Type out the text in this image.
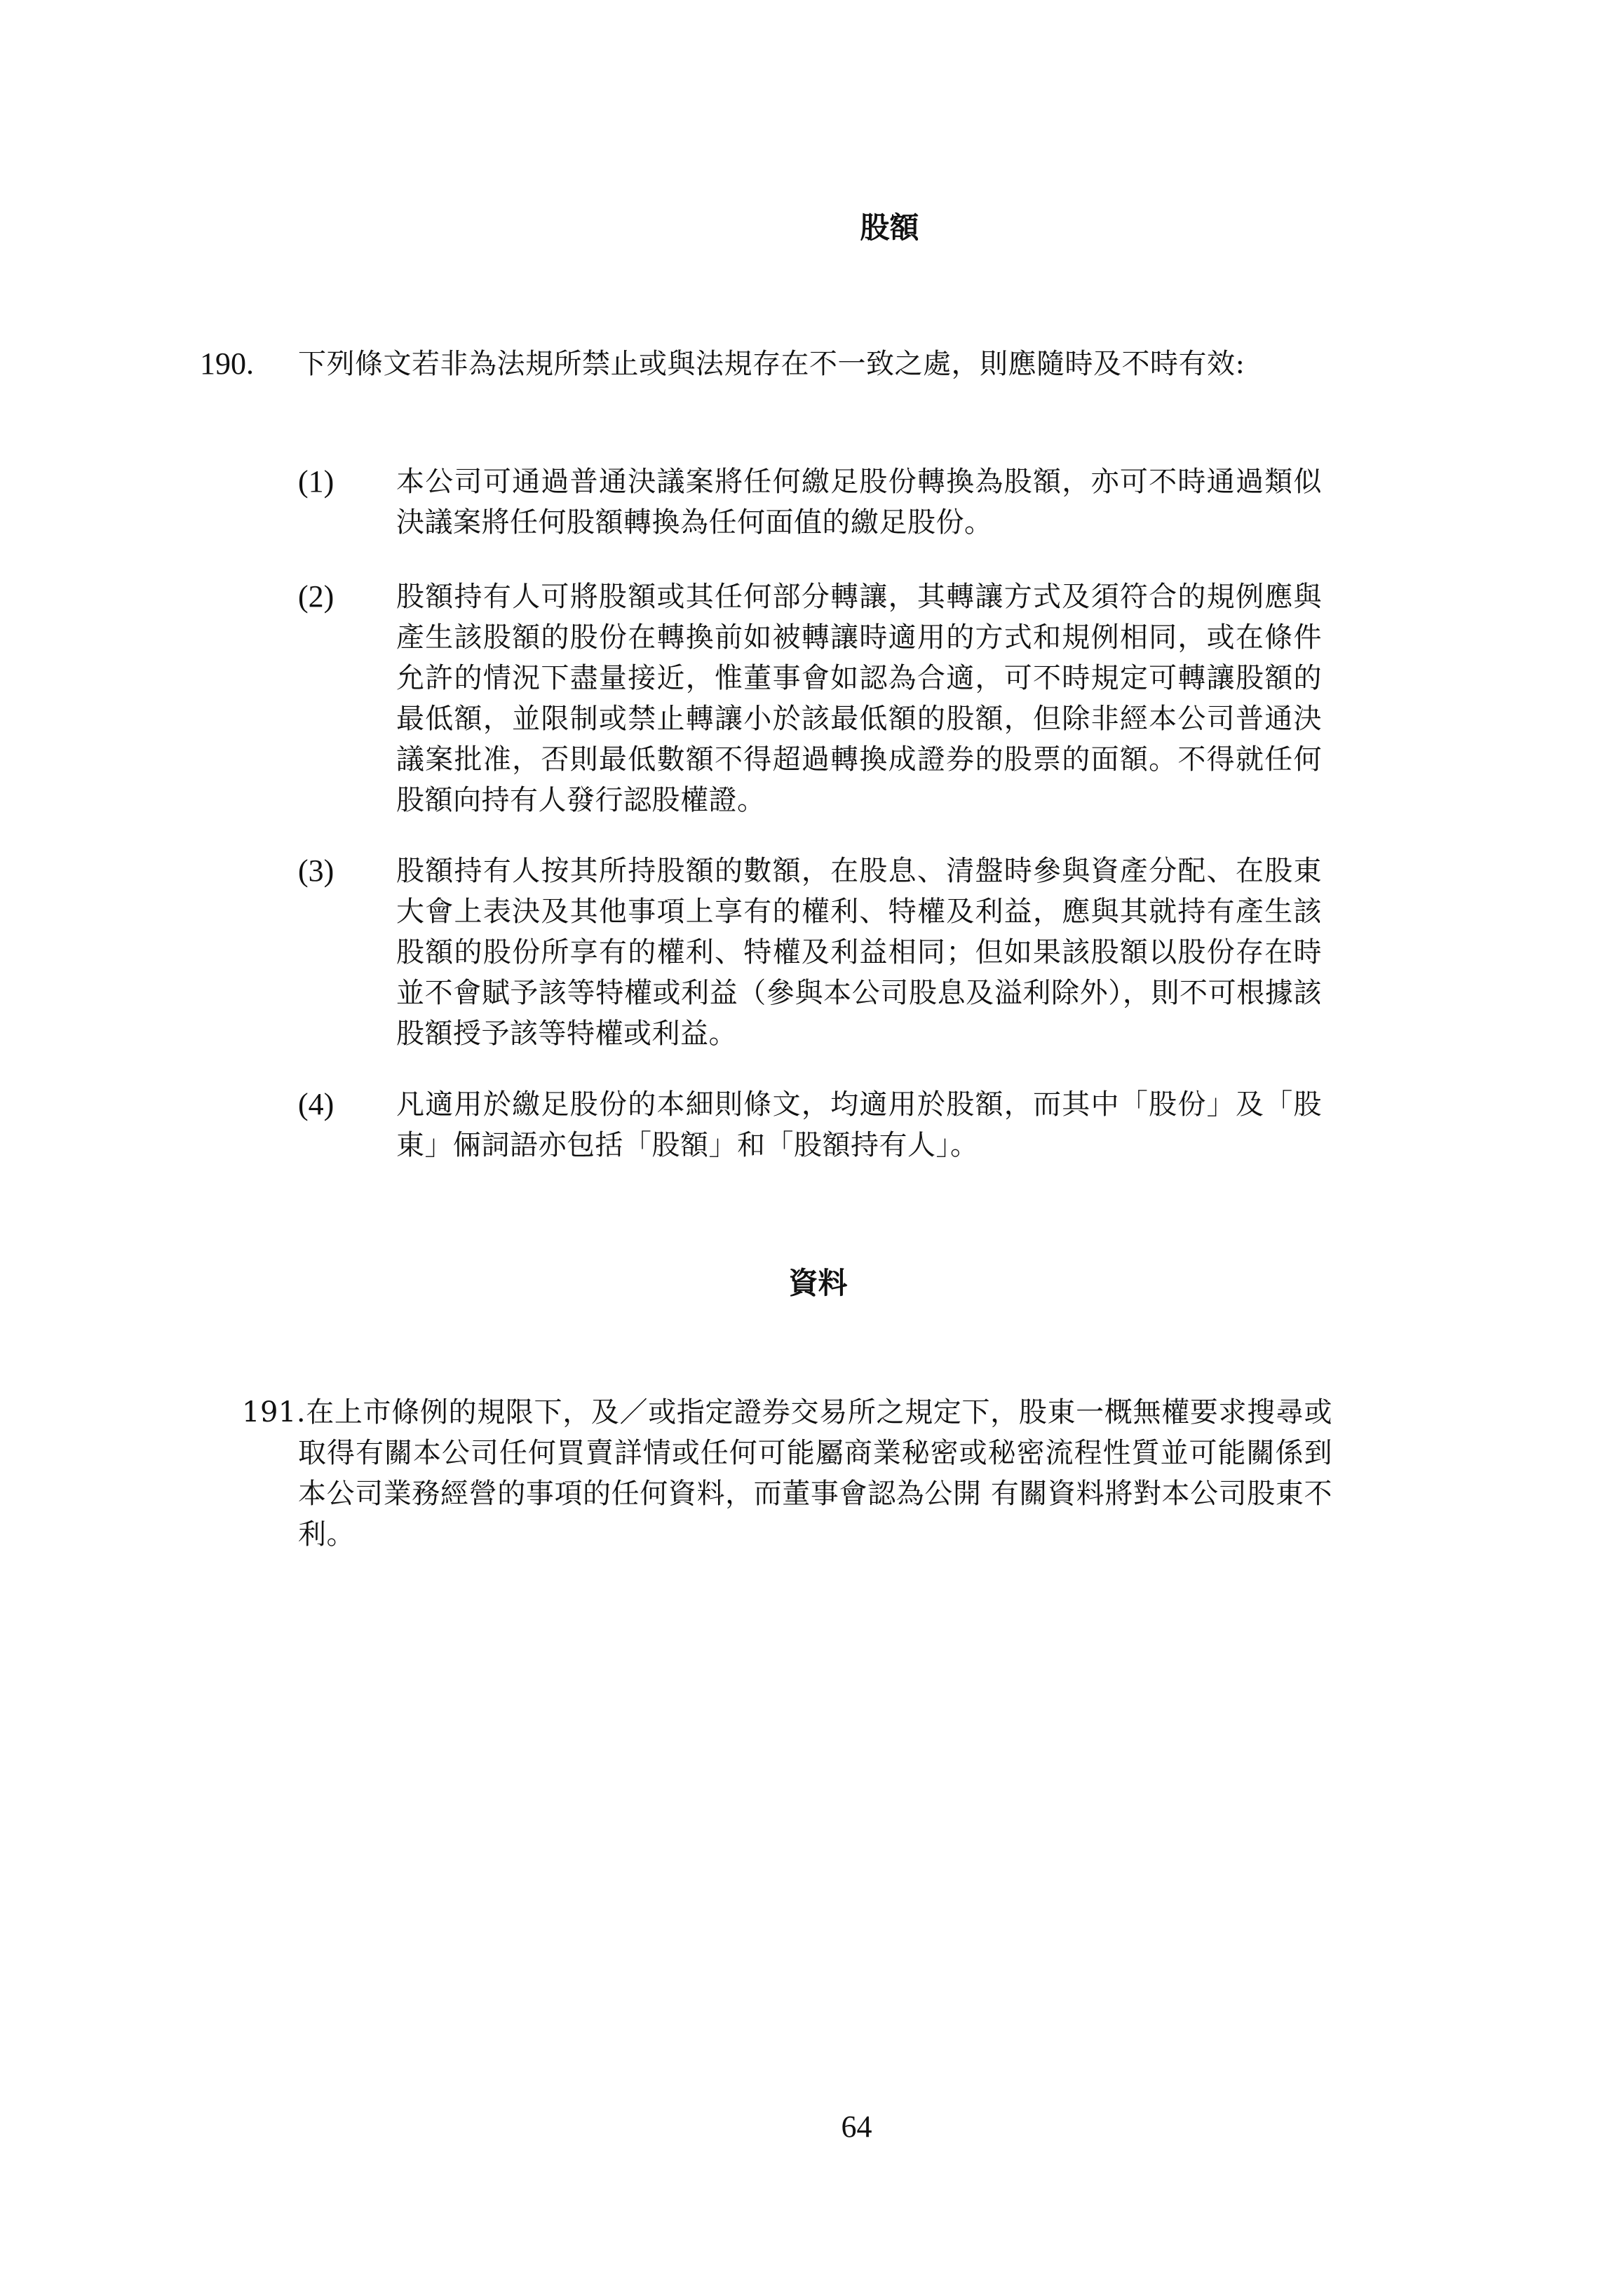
股額
190. 下列條文若非為法規所禁止或與法規存在不一致之處，則應隨時及不時有效:
(1) 本公司可通過普通決議案將任何繳足股份轉換為股額，亦可不時通過類似決議案將任何股額轉換為任何面值的繳足股份。
(2) 股額持有人可將股額或其任何部分轉讓，其轉讓方式及須符合的規例應與產生該股額的股份在轉換前如被轉讓時適用的方式和規例相同，或在條件允許的情況下盡量接近，惟董事會如認為合適，可不時規定可轉讓股額的最低額，並限制或禁止轉讓小於該最低額的股額，但除非經本公司普通決議案批准，否則最低數額不得超過轉換成證券的股票的面額。不得就任何股額向持有人發行認股權證。
(3) 股額持有人按其所持股額的數額，在股息、清盤時參與資產分配、在股東大會上表決及其他事項上享有的權利、特權及利益，應與其就持有產生該股額的股份所享有的權利、特權及利益相同；但如果該股額以股份存在時並不會賦予該等特權或利益（參與本公司股息及溢利除外），則不可根據該股額授予該等特權或利益。
(4) 凡適用於繳足股份的本細則條文，均適用於股額，而其中「股份」及「股東」倆詞語亦包括「股額」和「股額持有人」。
資料
191.在上市條例的規限下，及／或指定證券交易所之規定下，股東一概無權要求搜尋或取得有關本公司任何買賣詳情或任何可能屬商業秘密或秘密流程性質並可能關係到本公司業務經營的事項的任何資料，而董事會認為公開 有關資料將對本公司股東不利。
64
